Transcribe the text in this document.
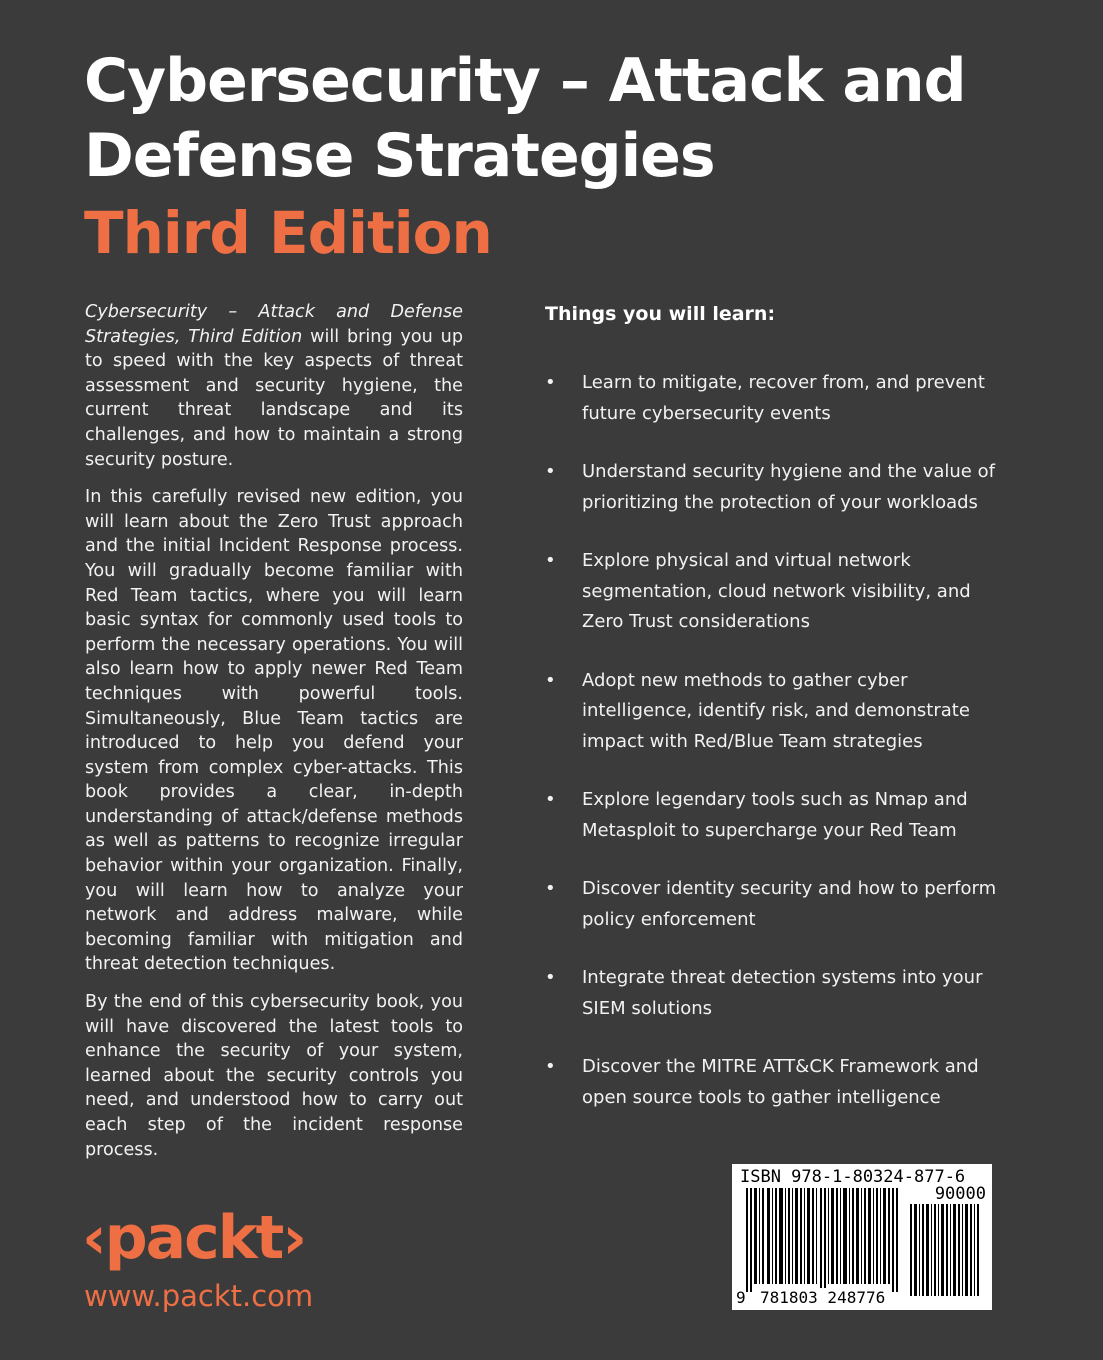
Cybersecurity – Attack and
Defense Strategies
Third Edition

Cybersecurity – Attack and Defense Strategies, Third Edition will bring you up to speed with the key aspects of threat assessment and security hygiene, the current threat landscape and its challenges, and how to maintain a strong security posture.

In this carefully revised new edition, you will learn about the Zero Trust approach and the initial Incident Response process. You will gradually become familiar with Red Team tactics, where you will learn basic syntax for commonly used tools to perform the necessary operations. You will also learn how to apply newer Red Team techniques with powerful tools. Simultaneously, Blue Team tactics are introduced to help you defend your system from complex cyber-attacks. This book provides a clear, in-depth understanding of attack/defense methods as well as patterns to recognize irregular behavior within your organization. Finally, you will learn how to analyze your network and address malware, while becoming familiar with mitigation and threat detection techniques.

By the end of this cybersecurity book, you will have discovered the latest tools to enhance the security of your system, learned about the security controls you need, and understood how to carry out each step of the incident response process.

Things you will learn:
• Learn to mitigate, recover from, and prevent future cybersecurity events
• Understand security hygiene and the value of prioritizing the protection of your workloads
• Explore physical and virtual network segmentation, cloud network visibility, and Zero Trust considerations
• Adopt new methods to gather cyber intelligence, identify risk, and demonstrate impact with Red/Blue Team strategies
• Explore legendary tools such as Nmap and Metasploit to supercharge your Red Team
• Discover identity security and how to perform policy enforcement
• Integrate threat detection systems into your SIEM solutions
• Discover the MITRE ATT&CK Framework and open source tools to gather intelligence
‹packt›
www.packt.com
ISBN 978-1-80324-877-6
90000
9 781803 248776
